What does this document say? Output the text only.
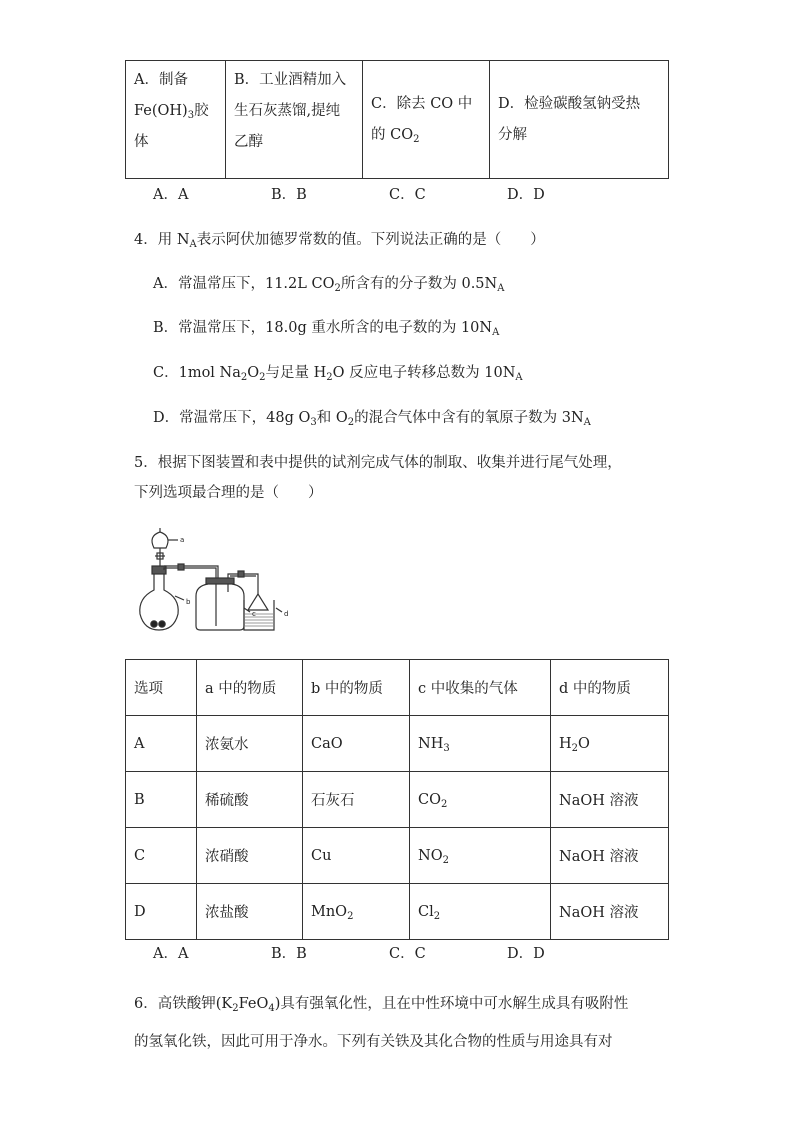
A．制备
$Fe(OH)_3$胶
体

B．工业酒精加入
生石灰蒸馏,提纯
乙醇

C．除去 CO 中
的 $CO_2$

D．检验碳酸氢钠受热
分解
A．A	B．B	C．C	D．D
4．用 $N_A$表示阿伏加德罗常数的值。下列说法正确的是（　　）
A．常温常压下，11.2L $CO_2$所含有的分子数为 $0.5N_A$
B．常温常压下，18.0g 重水所含的电子数的为 $10N_A$
C．1mol $Na_2O_2$与足量 $H_2O$ 反应电子转移总数为 $10N_A$
D．常温常压下，48g $O_3$和 $O_2$的混合气体中含有的氧原子数为 $3N_A$
5．根据下图装置和表中提供的试剂完成气体的制取、收集并进行尾气处理，
下列选项最合理的是（　　）
a
b
c	d
选项	a 中的物质	b 中的物质	c 中收集的气体	d 中的物质
A	浓氨水	CaO	$NH_3$	$H_2O$
B	稀硫酸	石灰石	$CO_2$	NaOH 溶液
C	浓硝酸	Cu	$NO_2$	NaOH 溶液
D	浓盐酸	MnO$_2$	$Cl_2$	NaOH 溶液
A．A	B．B	C．C	D．D
6．高铁酸钾$(K_2FeO_4)$具有强氧化性，且在中性环境中可水解生成具有吸附性
的氢氧化铁，因此可用于净水。下列有关铁及其化合物的性质与用途具有对
